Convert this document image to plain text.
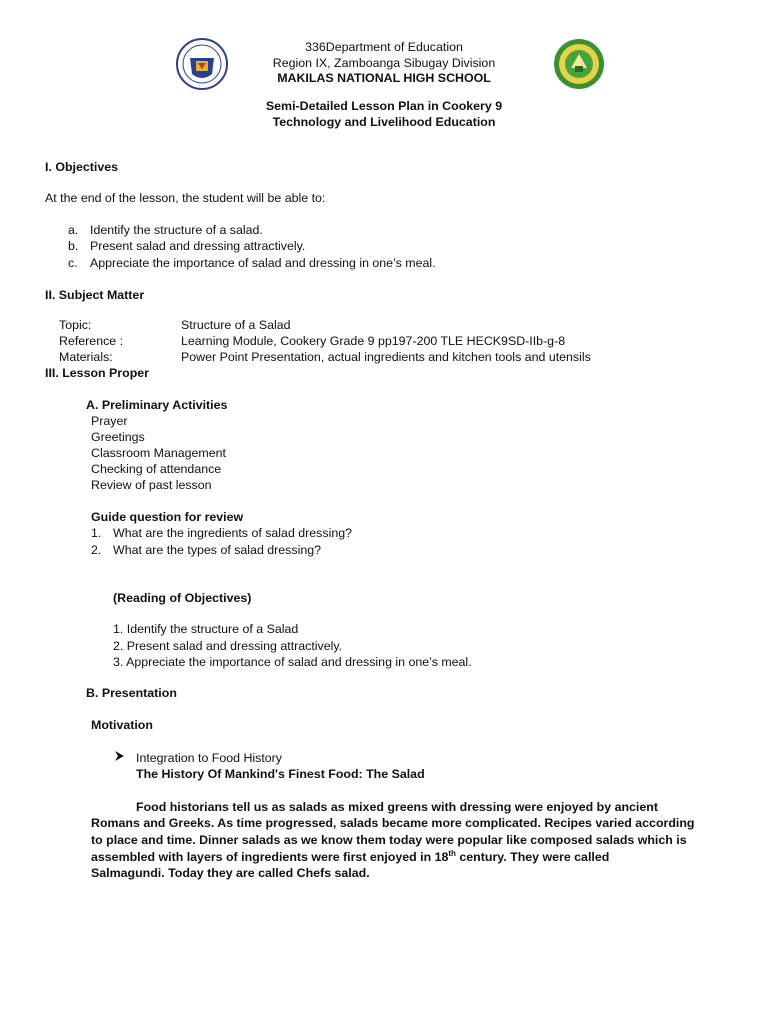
336Department of Education
Region IX, Zamboanga Sibugay Division
MAKILAS NATIONAL HIGH SCHOOL
Semi-Detailed Lesson Plan in Cookery 9
Technology and Livelihood Education
I. Objectives
At the end of the lesson, the student will be able to:
a. Identify the structure of a salad.
b. Present salad and dressing attractively.
c. Appreciate the importance of salad and dressing in one’s meal.
II. Subject Matter
Topic:	Structure of a Salad
Reference :	Learning Module, Cookery Grade 9 pp197-200 TLE HECK9SD-IIb-g-8
Materials:	Power Point Presentation, actual ingredients and kitchen tools and utensils
III. Lesson Proper
A. Preliminary Activities
Prayer
Greetings
Classroom Management
Checking of attendance
Review of past lesson
Guide question for review
1. What are the ingredients of salad dressing?
2. What are the types of salad dressing?
(Reading of Objectives)
1. Identify the structure of a Salad
2. Present salad and dressing attractively.
3. Appreciate the importance of salad and dressing in one’s meal.
B. Presentation
Motivation
Integration to Food History
The History Of Mankind's Finest Food: The Salad
Food historians tell us as salads as mixed greens with dressing were enjoyed by ancient
Romans and Greeks. As time progressed, salads became more complicated. Recipes varied according
to place and time. Dinner salads as we know them today were popular like composed salads which is
assembled with layers of ingredients were first enjoyed in 18th century. They were called
Salmagundi. Today they are called Chefs salad.
